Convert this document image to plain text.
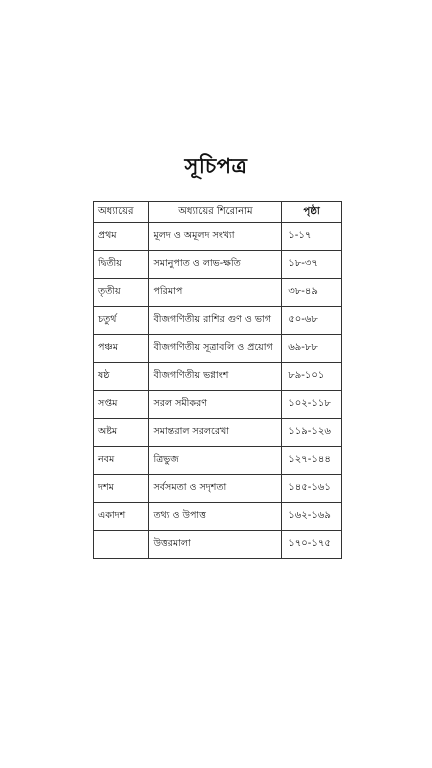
সূচিপত্র
অধ্যায়ের	অধ্যায়ের শিরোনাম	পৃষ্ঠা
প্রথম	মূলদ ও অমূলদ সংখ্যা	১-১৭
দ্বিতীয়	সমানুপাত ও লাভ-ক্ষতি	১৮-৩৭
তৃতীয়	পরিমাপ	৩৮-৪৯
চতুর্থ	বীজগণিতীয় রাশির গুণ ও ভাগ	৫০-৬৮
পঞ্চম	বীজগণিতীয় সূত্রাবলি ও প্রয়োগ	৬৯-৮৮
ষষ্ঠ	বীজগণিতীয় ভগ্নাংশ	৮৯-১০১
সপ্তম	সরল সমীকরণ	১০২-১১৮
অষ্টম	সমান্তরাল সরলরেখা	১১৯-১২৬
নবম	ত্রিভুজ	১২৭-১৪৪
দশম	সর্বসমতা ও সদৃশতা	১৪৫-১৬১
একাদশ	তথ্য ও উপাত্ত	১৬২-১৬৯
	উত্তরমালা	১৭০-১৭৫
